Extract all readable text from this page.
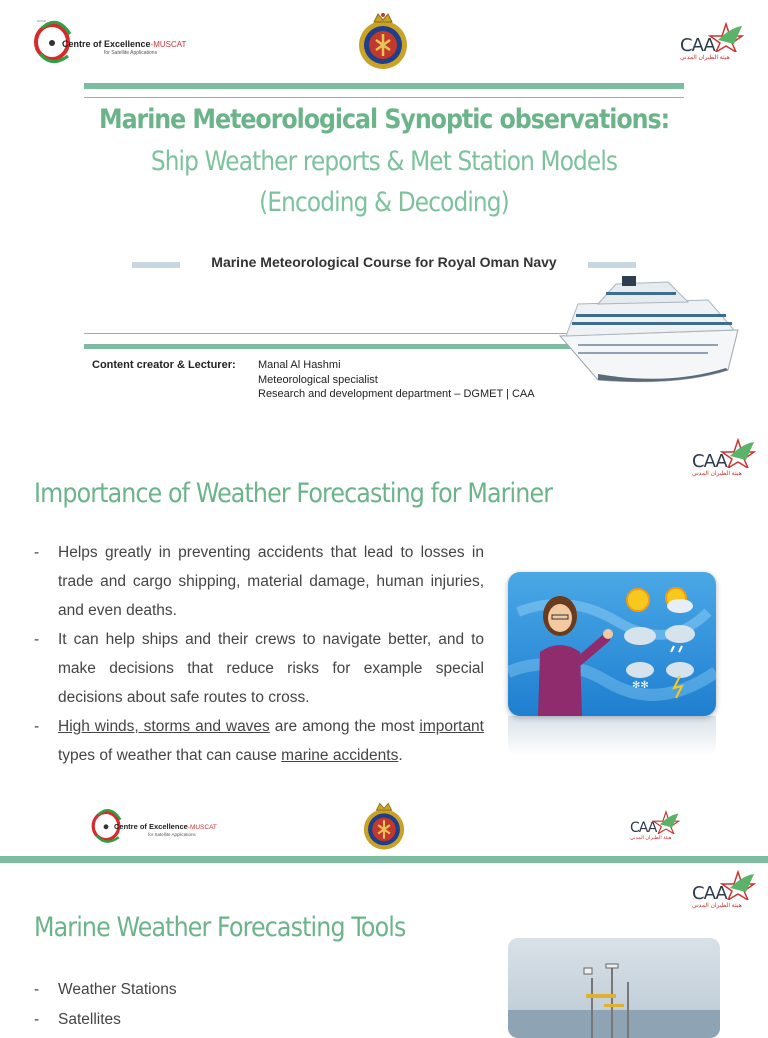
Centre of Excellence-MUSCAT
for Satellite Applications	CAA
هيئة الطيران المدني
Marine Meteorological Synoptic observations:
Ship Weather reports & Met Station Models
(Encoding & Decoding)
Marine Meteorological Course for Royal Oman Navy
Content creator & Lecturer: Manal Al Hashmi
Meteorological specialist
Research and development department – DGMET | CAA
CAA
هيئة الطيران المدني
Importance of Weather Forecasting for Mariner
- Helps greatly in preventing accidents that lead to losses in trade and cargo shipping, material damage, human injuries, and even deaths.
- It can help ships and their crews to navigate better, and to make decisions that reduce risks for example special decisions about safe routes to cross.
- High winds, storms and waves are among the most important types of weather that can cause marine accidents.
✻✻
Centre of Excellence-MUSCAT
for Satellite Applications	CAA
هيئة الطيران المدني
CAA
هيئة الطيران المدني
Marine Weather Forecasting Tools
- Weather Stations
- Satellites
